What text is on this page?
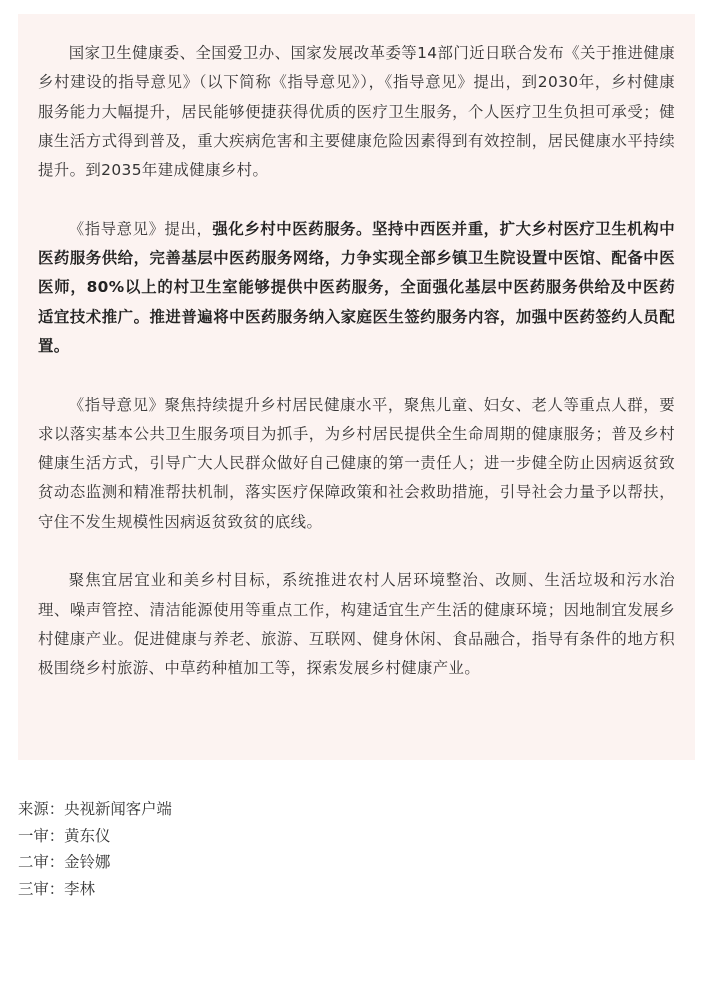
国家卫生健康委、全国爱卫办、国家发展改革委等14部门近日联合发布《关于推进健康乡村建设的指导意见》（以下简称《指导意见》），《指导意见》提出，到2030年，乡村健康服务能力大幅提升，居民能够便捷获得优质的医疗卫生服务，个人医疗卫生负担可承受；健康生活方式得到普及，重大疾病危害和主要健康危险因素得到有效控制，居民健康水平持续提升。到2035年建成健康乡村。

《指导意见》提出，强化乡村中医药服务。坚持中西医并重，扩大乡村医疗卫生机构中医药服务供给，完善基层中医药服务网络，力争实现全部乡镇卫生院设置中医馆、配备中医医师，80%以上的村卫生室能够提供中医药服务，全面强化基层中医药服务供给及中医药适宜技术推广。推进普遍将中医药服务纳入家庭医生签约服务内容，加强中医药签约人员配置。

《指导意见》聚焦持续提升乡村居民健康水平，聚焦儿童、妇女、老人等重点人群，要求以落实基本公共卫生服务项目为抓手，为乡村居民提供全生命周期的健康服务；普及乡村健康生活方式，引导广大人民群众做好自己健康的第一责任人；进一步健全防止因病返贫致贫动态监测和精准帮扶机制，落实医疗保障政策和社会救助措施，引导社会力量予以帮扶，守住不发生规模性因病返贫致贫的底线。

聚焦宜居宜业和美乡村目标，系统推进农村人居环境整治、改厕、生活垃圾和污水治理、噪声管控、清洁能源使用等重点工作，构建适宜生产生活的健康环境；因地制宜发展乡村健康产业。促进健康与养老、旅游、互联网、健身休闲、食品融合，指导有条件的地方积极围绕乡村旅游、中草药种植加工等，探索发展乡村健康产业。

来源：央视新闻客户端
一审：黄东仪
二审：金铃娜
三审：李林
